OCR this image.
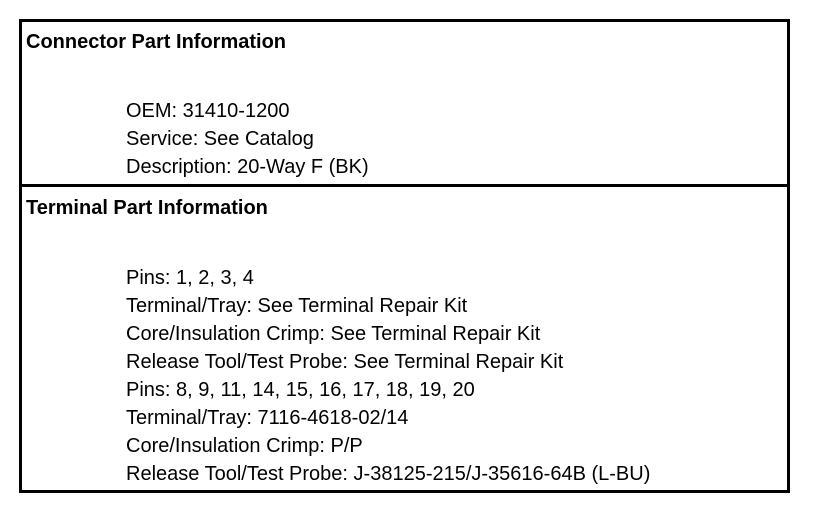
Connector Part Information
OEM: 31410-1200
Service: See Catalog
Description: 20-Way F (BK)
Terminal Part Information
Pins: 1, 2, 3, 4
Terminal/Tray: See Terminal Repair Kit
Core/Insulation Crimp: See Terminal Repair Kit
Release Tool/Test Probe: See Terminal Repair Kit
Pins: 8, 9, 11, 14, 15, 16, 17, 18, 19, 20
Terminal/Tray: 7116-4618-02/14
Core/Insulation Crimp: P/P
Release Tool/Test Probe: J-38125-215/J-35616-64B (L-BU)
